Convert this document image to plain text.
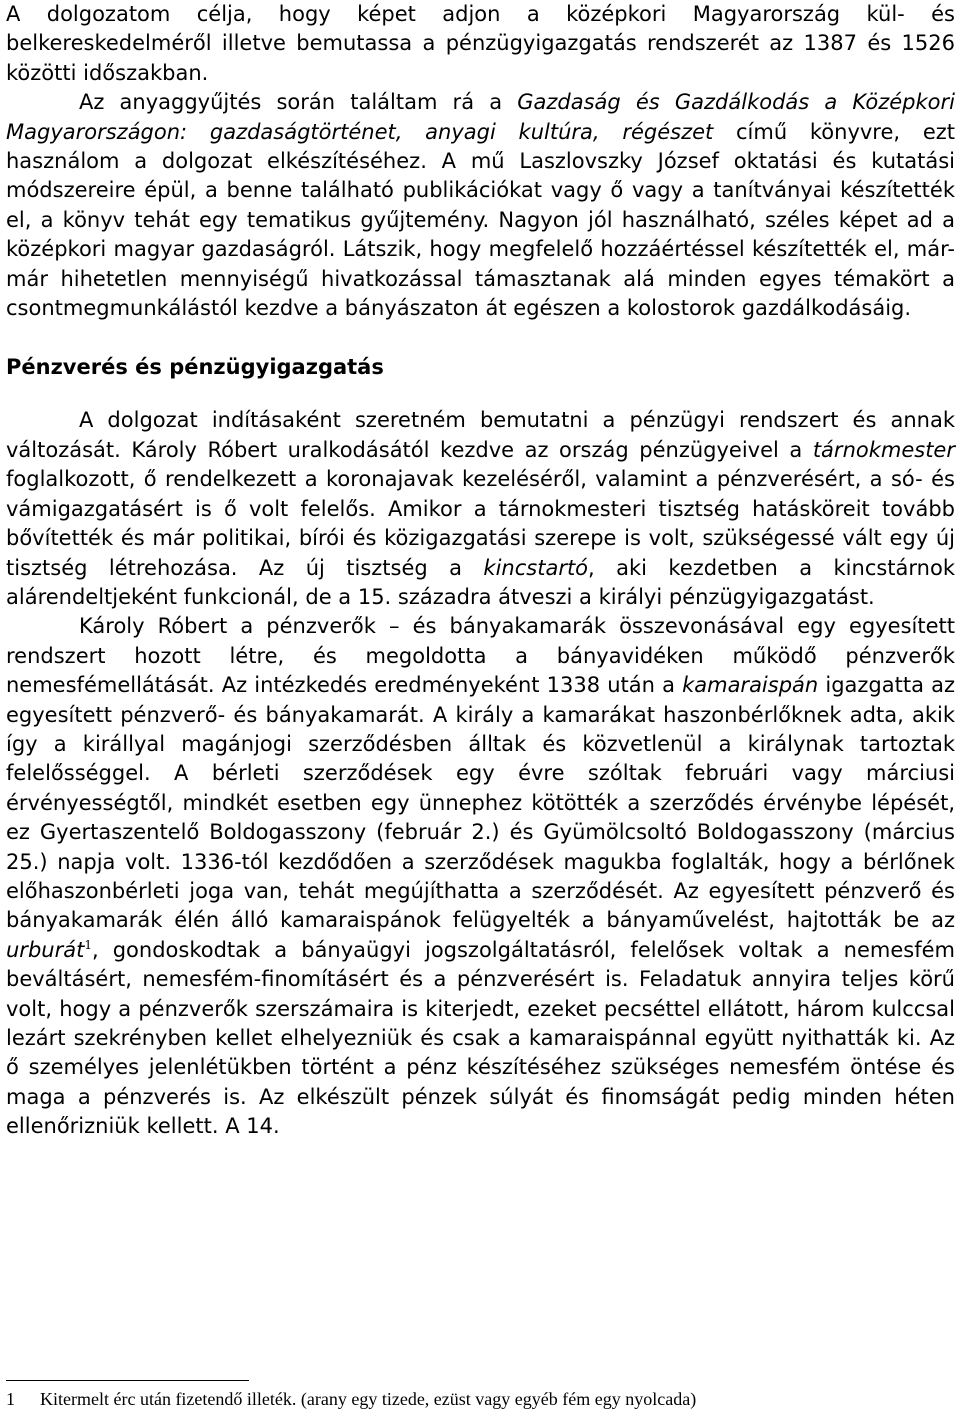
A dolgozatom célja, hogy képet adjon a középkori Magyarország kül- és belkereskedelméről illetve bemutassa a pénzügyigazgatás rendszerét az 1387 és 1526 közötti időszakban.

Az anyaggyűjtés során találtam rá a Gazdaság és Gazdálkodás a Középkori Magyarországon: gazdaságtörténet, anyagi kultúra, régészet című könyvre, ezt használom a dolgozat elkészítéséhez. A mű Laszlovszky József oktatási és kutatási módszereire épül, a benne található publikációkat vagy ő vagy a tanítványai készítették el, a könyv tehát egy tematikus gyűjtemény. Nagyon jól használható, széles képet ad a középkori magyar gazdaságról. Látszik, hogy megfelelő hozzáértéssel készítették el, már-már hihetetlen mennyiségű hivatkozással támasztanak alá minden egyes témakört a csontmegmunkálástól kezdve a bányászaton át egészen a kolostorok gazdálkodásáig.

Pénzverés és pénzügyigazgatás

A dolgozat indításaként szeretném bemutatni a pénzügyi rendszert és annak változását. Károly Róbert uralkodásától kezdve az ország pénzügyeivel a tárnokmester foglalkozott, ő rendelkezett a koronajavak kezeléséről, valamint a pénzverésért, a só- és vámigazgatásért is ő volt felelős. Amikor a tárnokmesteri tisztség hatásköreit tovább bővítették és már politikai, bírói és közigazgatási szerepe is volt, szükségessé vált egy új tisztség létrehozása. Az új tisztség a kincstartó, aki kezdetben a kincstárnok alárendeltjeként funkcionál, de a 15. századra átveszi a királyi pénzügyigazgatást.

Károly Róbert a pénzverők – és bányakamarák összevonásával egy egyesített rendszert hozott létre, és megoldotta a bányavidéken működő pénzverők nemesfémellátását. Az intézkedés eredményeként 1338 után a kamaraispán igazgatta az egyesített pénzverő- és bányakamarát. A király a kamarákat haszonbérlőknek adta, akik így a királlyal magánjogi szerződésben álltak és közvetlenül a királynak tartoztak felelősséggel. A bérleti szerződések egy évre szóltak februári vagy márciusi érvényességtől, mindkét esetben egy ünnephez kötötték a szerződés érvénybe lépését, ez Gyertaszentelő Boldogasszony (február 2.) és Gyümölcsoltó Boldogasszony (március 25.) napja volt. 1336-tól kezdődően a szerződések magukba foglalták, hogy a bérlőnek előhaszonbérleti joga van, tehát megújíthatta a szerződését. Az egyesített pénzverő és bányakamarák élén álló kamaraispánok felügyelték a bányaművelést, hajtották be az urburát$^1$, gondoskodtak a bányaügyi jogszolgáltatásról, felelősek voltak a nemesfém beváltásért, nemesfém-finomításért és a pénzverésért is. Feladatuk annyira teljes körű volt, hogy a pénzverők szerszámaira is kiterjedt, ezeket pecséttel ellátott, három kulccsal lezárt szekrényben kellet elhelyezniük és csak a kamaraispánnal együtt nyithatták ki. Az ő személyes jelenlétükben történt a pénz készítéséhez szükséges nemesfém öntése és maga a pénzverés is. Az elkészült pénzek súlyát és finomságát pedig minden héten ellenőrizniük kellett. A 14.

1 Kitermelt érc után fizetendő illeték. (arany egy tizede, ezüst vagy egyéb fém egy nyolcada)
